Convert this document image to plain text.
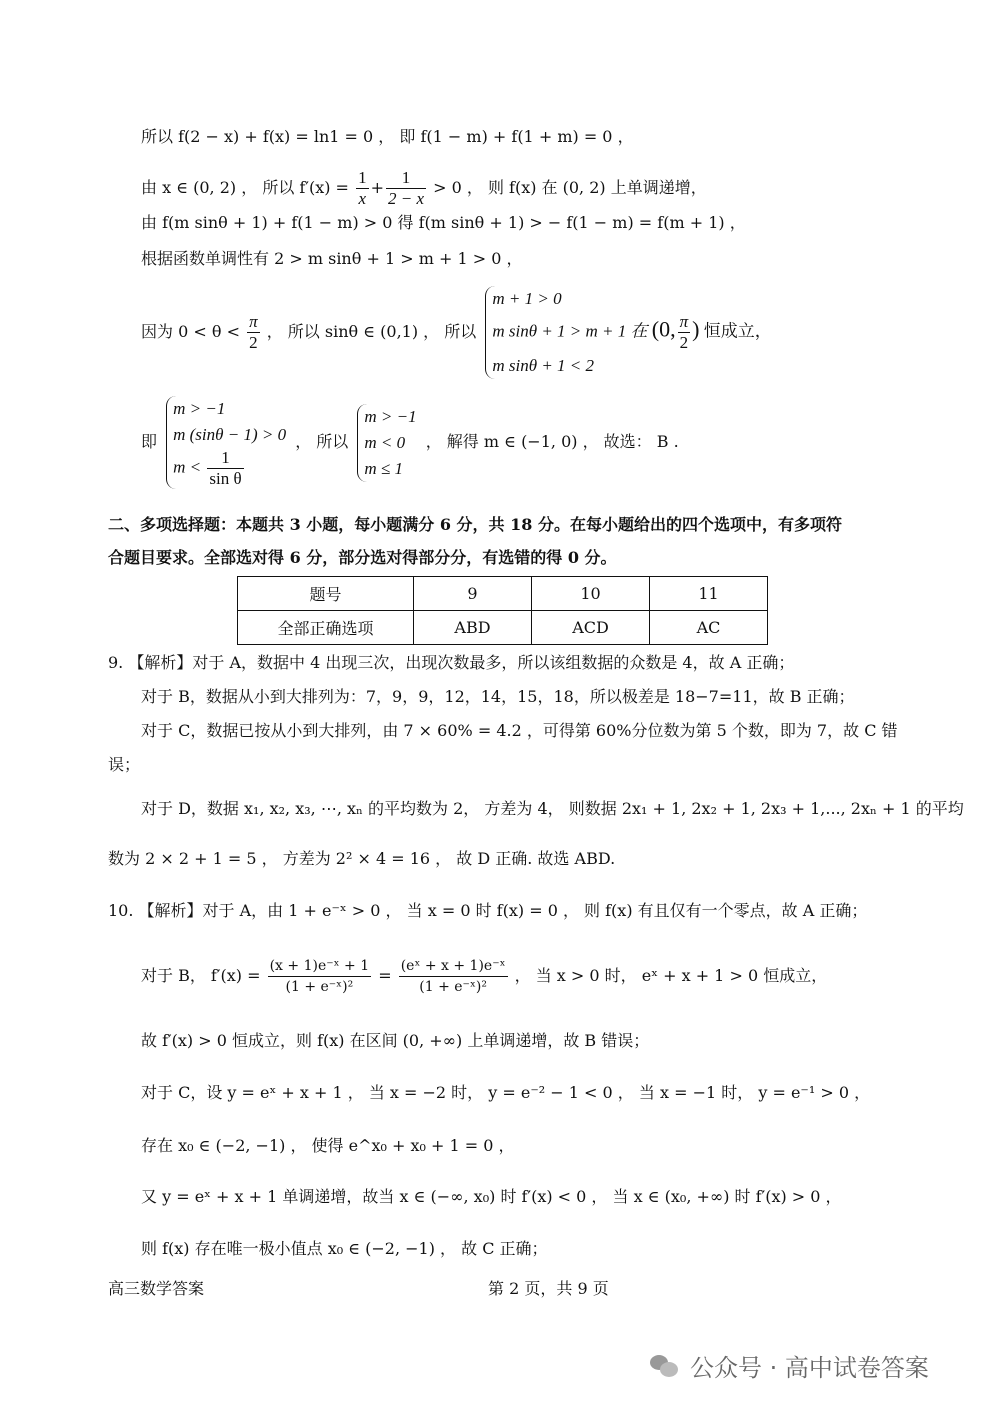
所以 f(2 − x) + f(x) = ln1 = 0 ， 即 f(1 − m) + f(1 + m) = 0 ，
由 x ∈ (0, 2) ， 所以 $f'(x) = \frac{1}{x} + \frac{1}{2 - x} > 0$ ， 则 f(x) 在 (0, 2) 上单调递增，
由 f(m sinθ + 1) + f(1 − m) > 0 得 f(m sinθ + 1) > − f(1 − m) = f(m + 1) ，
根据函数单调性有 2 > m sinθ + 1 > m + 1 > 0 ，
因为 $0 < \theta < \frac{\pi}{2}$ ， 所以 sinθ ∈ (0,1) ， 所以
m + 1 > 0
m sinθ + 1 > m + 1 在 (0, $\frac{\pi}{2}$ ) 恒成立，
m sinθ + 1 < 2
即
m > −1
m (sinθ − 1) > 0
$m < \frac{1}{\text{sin θ}}$
， 所以
m > −1
m < 0
m ≤ 1
， 解得 m ∈ (−1, 0) ， 故选： B .
二、多项选择题：本题共 3 小题，每小题满分 6 分，共 18 分。在每小题给出的四个选项中，有多项符
合题目要求。全部选对得 6 分，部分选对得部分分，有选错的得 0 分。
题号	9	10	11
全部正确选项	ABD	ACD	AC
9. 【解析】对于 A，数据中 4 出现三次，出现次数最多，所以该组数据的众数是 4，故 A 正确；
对于 B，数据从小到大排列为：7，9，9，12，14，15，18，所以极差是 18−7=11，故 B 正确；
对于 C，数据已按从小到大排列，由 7 × 60% = 4.2 ，可得第 60%分位数为第 5 个数，即为 7，故 C 错
误；
对于 D，数据 x₁, x₂, x₃, ⋯, xₙ 的平均数为 2， 方差为 4， 则数据 2x₁ + 1, 2x₂ + 1, 2x₃ + 1,..., 2xₙ + 1 的平均
数为 2 × 2 + 1 = 5 ， 方差为 2² × 4 = 16 ， 故 D 正确. 故选 ABD.
10. 【解析】对于 A，由 1 + e⁻ˣ > 0 ， 当 x = 0 时 f(x) = 0 ， 则 f(x) 有且仅有一个零点，故 A 正确；
对于 B， $f'(x) = \frac{\text{(x + 1)e⁻ˣ + 1}}{\text{(1 + e⁻ˣ)²}} = \frac{\text{(eˣ + x + 1)e⁻ˣ}}{\text{(1 + e⁻ˣ)²}}$ ， 当 x > 0 时， eˣ + x + 1 > 0 恒成立，
故 f′(x) > 0 恒成立，则 f(x) 在区间 (0, +∞) 上单调递增，故 B 错误；
对于 C，设 y = eˣ + x + 1 ， 当 x = −2 时， y = e⁻² − 1 < 0 ， 当 x = −1 时， y = e⁻¹ > 0 ，
存在 x₀ ∈ (−2, −1) ， 使得 e^x₀ + x₀ + 1 = 0 ，
又 y = eˣ + x + 1 单调递增，故当 x ∈ (−∞, x₀) 时 f′(x) < 0 ， 当 x ∈ (x₀, +∞) 时 f′(x) > 0 ，
则 f(x) 存在唯一极小值点 x₀ ∈ (−2, −1) ， 故 C 正确；
高三数学答案	第 2 页，共 9 页
公众号 · 高中试卷答案
